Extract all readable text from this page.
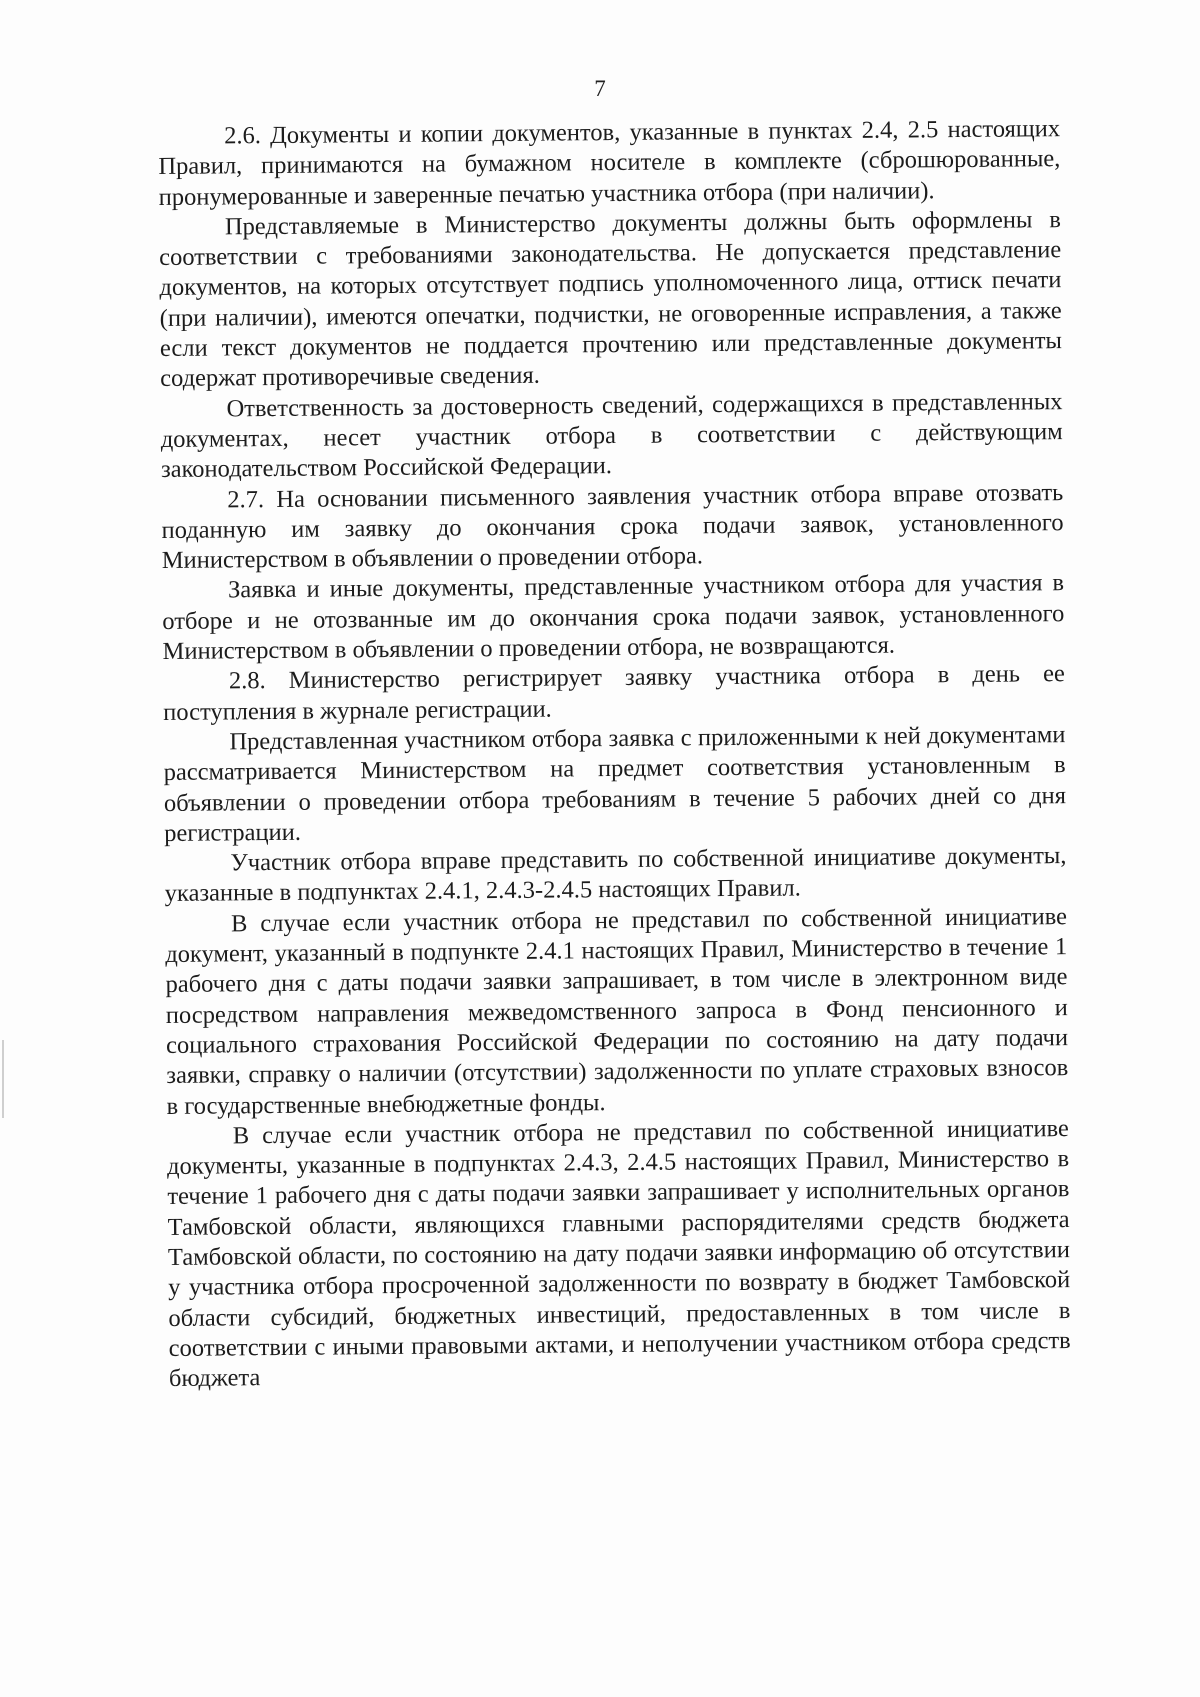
7

2.6. Документы и копии документов, указанные в пунктах 2.4, 2.5 настоящих Правил, принимаются на бумажном носителе в комплекте (сброшюрованные, пронумерованные и заверенные печатью участника отбора (при наличии).

Представляемые в Министерство документы должны быть оформлены в соответствии с требованиями законодательства. Не допускается представление документов, на которых отсутствует подпись уполномоченного лица, оттиск печати (при наличии), имеются опечатки, подчистки, не оговоренные исправления, а также если текст документов не поддается прочтению или представленные документы содержат противоречивые сведения.

Ответственность за достоверность сведений, содержащихся в представленных документах, несет участник отбора в соответствии с действующим законодательством Российской Федерации.

2.7. На основании письменного заявления участник отбора вправе отозвать поданную им заявку до окончания срока подачи заявок, установленного Министерством в объявлении о проведении отбора.

Заявка и иные документы, представленные участником отбора для участия в отборе и не отозванные им до окончания срока подачи заявок, установленного Министерством в объявлении о проведении отбора, не возвращаются.

2.8. Министерство регистрирует заявку участника отбора в день ее поступления в журнале регистрации.

Представленная участником отбора заявка с приложенными к ней документами рассматривается Министерством на предмет соответствия установленным в объявлении о проведении отбора требованиям в течение 5 рабочих дней со дня регистрации.

Участник отбора вправе представить по собственной инициативе документы, указанные в подпунктах 2.4.1, 2.4.3-2.4.5 настоящих Правил.

В случае если участник отбора не представил по собственной инициативе документ, указанный в подпункте 2.4.1 настоящих Правил, Министерство в течение 1 рабочего дня с даты подачи заявки запрашивает, в том числе в электронном виде посредством направления межведомственного запроса в Фонд пенсионного и социального страхования Российской Федерации по состоянию на дату подачи заявки, справку о наличии (отсутствии) задолженности по уплате страховых взносов в государственные внебюджетные фонды.

В случае если участник отбора не представил по собственной инициативе документы, указанные в подпунктах 2.4.3, 2.4.5 настоящих Правил, Министерство в течение 1 рабочего дня с даты подачи заявки запрашивает у исполнительных органов Тамбовской области, являющихся главными распорядителями средств бюджета Тамбовской области, по состоянию на дату подачи заявки информацию об отсутствии у участника отбора просроченной задолженности по возврату в бюджет Тамбовской области субсидий, бюджетных инвестиций, предоставленных в том числе в соответствии с иными правовыми актами, и неполучении участником отбора средств бюджета
